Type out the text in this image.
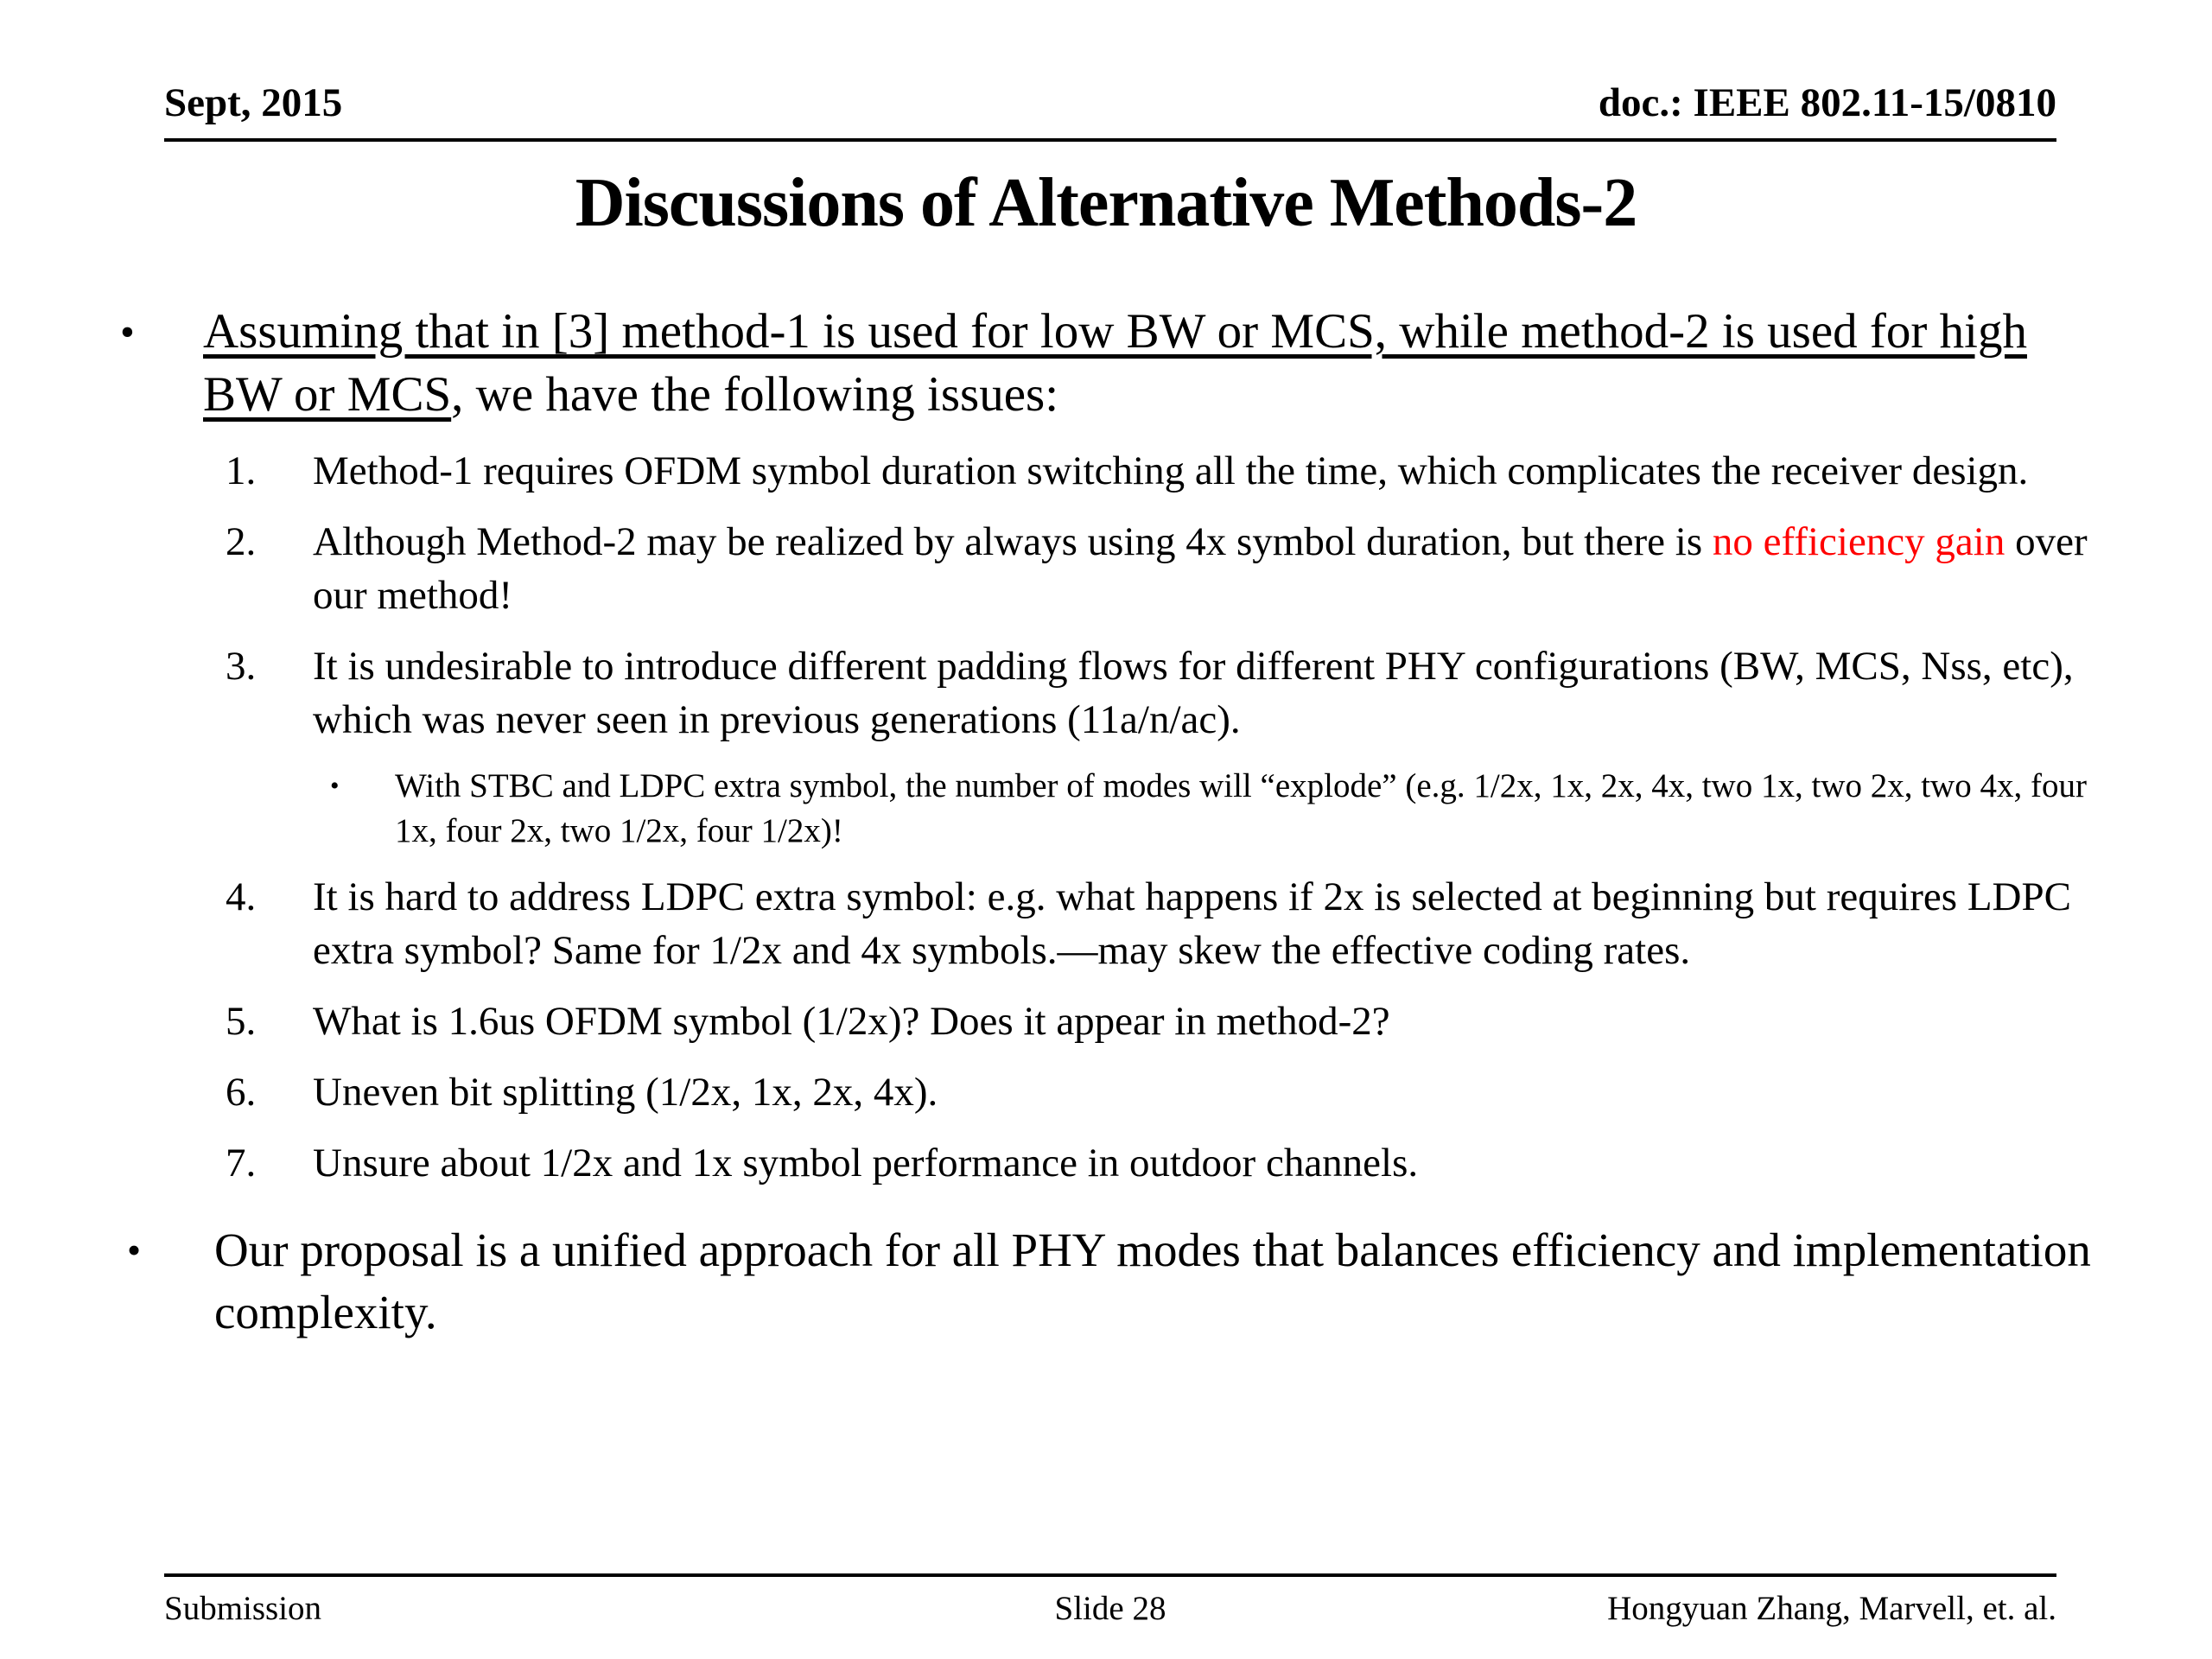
Sept, 2015	doc.: IEEE 802.11-15/0810
Discussions of Alternative Methods-2
•	Assuming that in [3] method-1 is used for low BW or MCS, while method-2 is used for high BW or MCS, we have the following issues:
1.	Method-1 requires OFDM symbol duration switching all the time, which complicates the receiver design.
2.	Although Method-2 may be realized by always using 4x symbol duration, but there is no efficiency gain over our method!
3.	It is undesirable to introduce different padding flows for different PHY configurations (BW, MCS, Nss, etc), which was never seen in previous generations (11a/n/ac).
•	With STBC and LDPC extra symbol, the number of modes will “explode” (e.g. 1/2x, 1x, 2x, 4x, two 1x, two 2x, two 4x, four 1x, four 2x, two 1/2x, four 1/2x)!
4.	It is hard to address LDPC extra symbol: e.g. what happens if 2x is selected at beginning but requires LDPC extra symbol? Same for 1/2x and 4x symbols.—may skew the effective coding rates.
5.	What is 1.6us OFDM symbol (1/2x)? Does it appear in method-2?
6.	Uneven bit splitting (1/2x, 1x, 2x, 4x).
7.	Unsure about 1/2x and 1x symbol performance in outdoor channels.
•	Our proposal is a unified approach for all PHY modes that balances efficiency and implementation complexity.
Submission	Slide 28	Hongyuan Zhang, Marvell, et. al.
